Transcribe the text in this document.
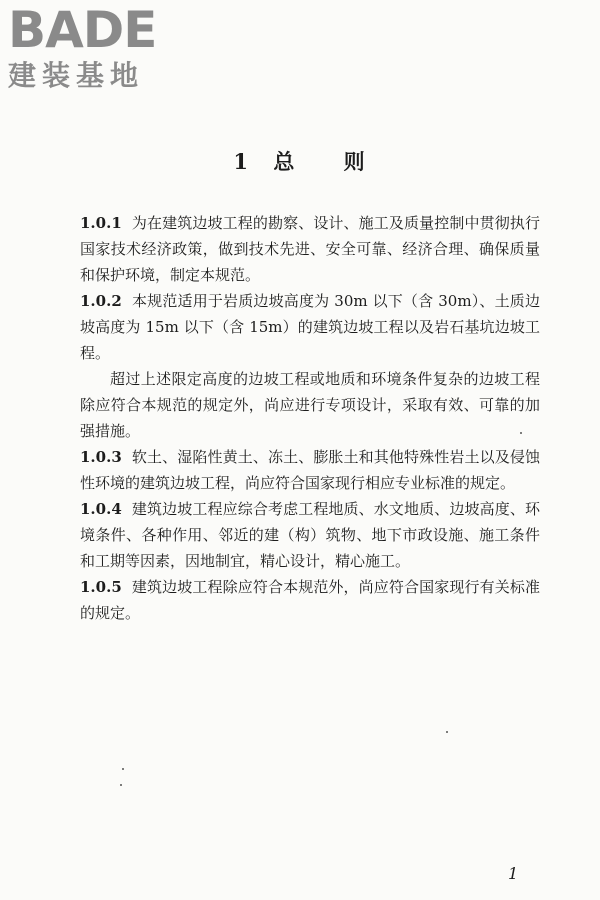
BADE
建装基地
1 总 则

1.0.1 为在建筑边坡工程的勘察、设计、施工及质量控制中贯彻执行国家技术经济政策，做到技术先进、安全可靠、经济合理、确保质量和保护环境，制定本规范。

1.0.2 本规范适用于岩质边坡高度为 30m 以下（含 30m）、土质边坡高度为 15m 以下（含 15m）的建筑边坡工程以及岩石基坑边坡工程。

超过上述限定高度的边坡工程或地质和环境条件复杂的边坡工程除应符合本规范的规定外，尚应进行专项设计，采取有效、可靠的加强措施。

1.0.3 软土、湿陷性黄土、冻土、膨胀土和其他特殊性岩土以及侵蚀性环境的建筑边坡工程，尚应符合国家现行相应专业标准的规定。

1.0.4 建筑边坡工程应综合考虑工程地质、水文地质、边坡高度、环境条件、各种作用、邻近的建（构）筑物、地下市政设施、施工条件和工期等因素，因地制宜，精心设计，精心施工。

1.0.5 建筑边坡工程除应符合本规范外，尚应符合国家现行有关标准的规定。

1
